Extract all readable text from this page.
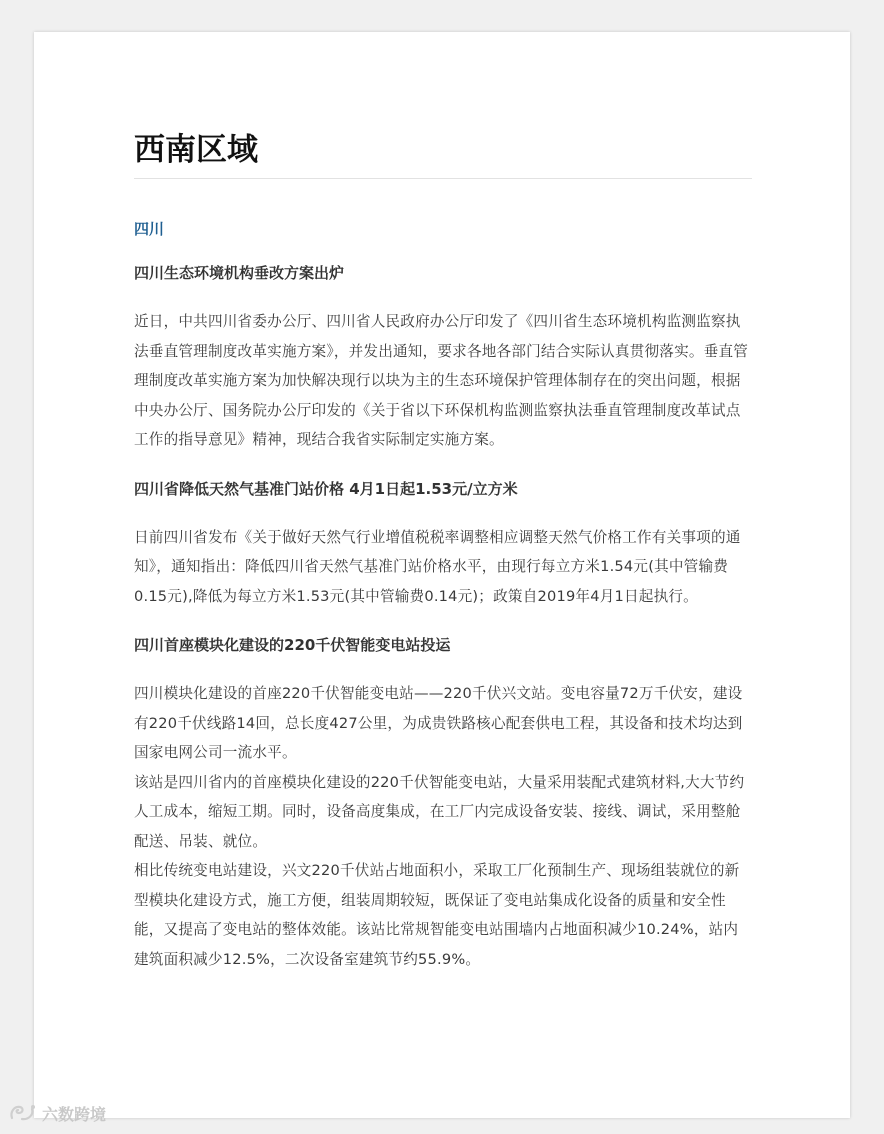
西南区域
四川
四川生态环境机构垂改方案出炉

近日，中共四川省委办公厅、四川省人民政府办公厅印发了《四川省生态环境机构监测监察执法垂直管理制度改革实施方案》，并发出通知，要求各地各部门结合实际认真贯彻落实。垂直管理制度改革实施方案为加快解决现行以块为主的生态环境保护管理体制存在的突出问题，根据中央办公厅、国务院办公厅印发的《关于省以下环保机构监测监察执法垂直管理制度改革试点工作的指导意见》精神，现结合我省实际制定实施方案。

四川省降低天然气基准门站价格 4月1日起1.53元/立方米

日前四川省发布《关于做好天然气行业增值税税率调整相应调整天然气价格工作有关事项的通知》，通知指出：降低四川省天然气基准门站价格水平，由现行每立方米1.54元(其中管输费0.15元),降低为每立方米1.53元(其中管输费0.14元)；政策自2019年4月1日起执行。

四川首座模块化建设的220千伏智能变电站投运

四川模块化建设的首座220千伏智能变电站——220千伏兴文站。变电容量72万千伏安，建设有220千伏线路14回，总长度427公里，为成贵铁路核心配套供电工程，其设备和技术均达到国家电网公司一流水平。

该站是四川省内的首座模块化建设的220千伏智能变电站，大量采用装配式建筑材料,大大节约人工成本，缩短工期。同时，设备高度集成，在工厂内完成设备安装、接线、调试，采用整舱配送、吊装、就位。

相比传统变电站建设，兴文220千伏站占地面积小，采取工厂化预制生产、现场组装就位的新型模块化建设方式，施工方便，组装周期较短，既保证了变电站集成化设备的质量和安全性能，又提高了变电站的整体效能。该站比常规智能变电站围墙内占地面积减少10.24%，站内建筑面积减少12.5%，二次设备室建筑节约55.9%。

六数跨境
